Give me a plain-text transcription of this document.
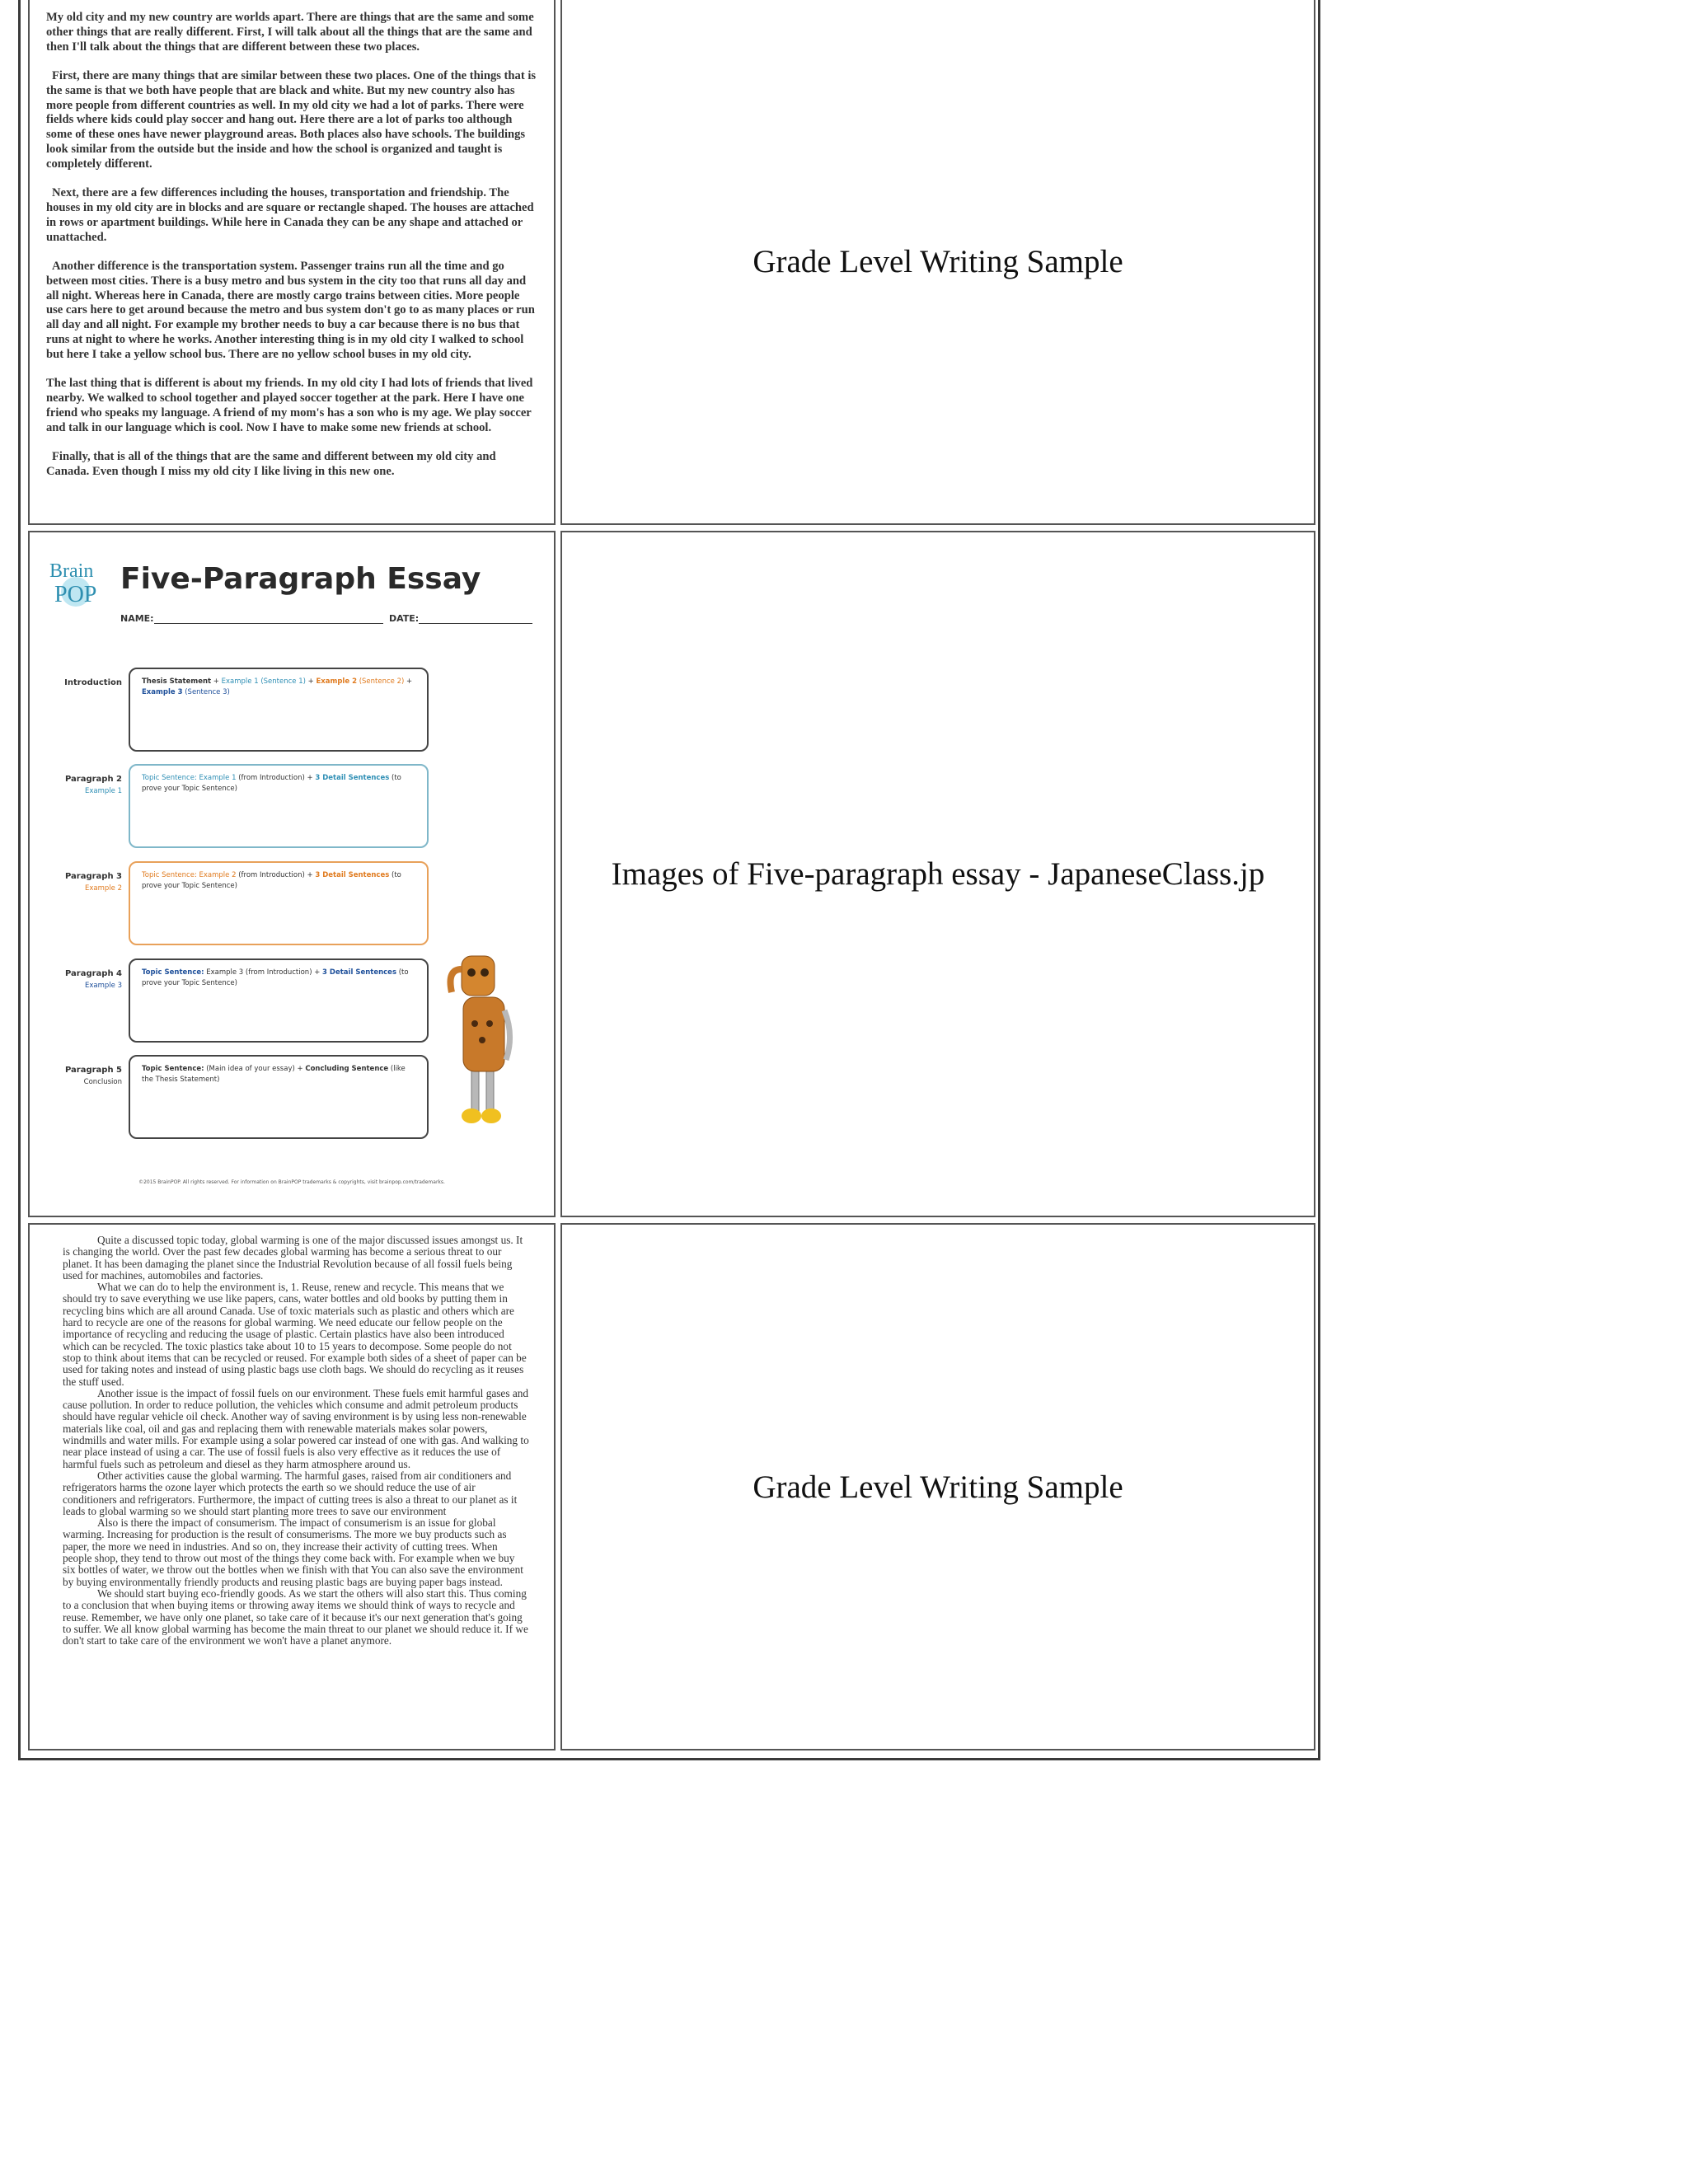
My old city and my new country are worlds apart. There are things that are the same and some other things that are really different. First, I will talk about all the things that are the same and then I'll talk about the things that are different between these two places.

First, there are many things that are similar between these two places. One of the things that is the same is that we both have people that are black and white. But my new country also has more people from different countries as well. In my old city we had a lot of parks. There were fields where kids could play soccer and hang out. Here there are a lot of parks too although some of these ones have newer playground areas. Both places also have schools. The buildings look similar from the outside but the inside and how the school is organized and taught is completely different.

Next, there are a few differences including the houses, transportation and friendship. The houses in my old city are in blocks and are square or rectangle shaped. The houses are attached in rows or apartment buildings. While here in Canada they can be any shape and attached or unattached.

Another difference is the transportation system. Passenger trains run all the time and go between most cities. There is a busy metro and bus system in the city too that runs all day and all night. Whereas here in Canada, there are mostly cargo trains between cities. More people use cars here to get around because the metro and bus system don't go to as many places or run all day and all night. For example my brother needs to buy a car because there is no bus that runs at night to where he works. Another interesting thing is in my old city I walked to school but here I take a yellow school bus. There are no yellow school buses in my old city.

The last thing that is different is about my friends. In my old city I had lots of friends that lived nearby. We walked to school together and played soccer together at the park. Here I have one friend who speaks my language. A friend of my mom's has a son who is my age. We play soccer and talk in our language which is cool. Now I have to make some new friends at school.

Finally, that is all of the things that are the same and different between my old city and Canada. Even though I miss my old city I like living in this new one.

Grade Level Writing Sample
Brain
POP Five-Paragraph Essay
NAME:	DATE:
Introduction	Thesis Statement + Example 1 (Sentence 1) + Example 2 (Sentence 2) + Example 3 (Sentence 3)
Paragraph 2
Example 1
Topic Sentence: Example 1 (from Introduction) + 3 Detail Sentences (to prove your Topic Sentence)
Paragraph 3
Example 2
Topic Sentence: Example 2 (from Introduction) + 3 Detail Sentences (to prove your Topic Sentence)
Paragraph 4
Example 3
Topic Sentence: Example 3 (from Introduction) + 3 Detail Sentences (to prove your Topic Sentence)
Paragraph 5
Conclusion
Topic Sentence: (Main idea of your essay) + Concluding Sentence (like the Thesis Statement)
©2015 BrainPOP. All rights reserved. For information on BrainPOP trademarks & copyrights, visit brainpop.com/trademarks.
Images of Five-paragraph essay - JapaneseClass.jp

Quite a discussed topic today, global warming is one of the major discussed issues amongst us. It is changing the world. Over the past few decades global warming has become a serious threat to our planet. It has been damaging the planet since the Industrial Revolution because of all fossil fuels being used for machines, automobiles and factories.

What we can do to help the environment is, 1. Reuse, renew and recycle. This means that we should try to save everything we use like papers, cans, water bottles and old books by putting them in recycling bins which are all around Canada. Use of toxic materials such as plastic and others which are hard to recycle are one of the reasons for global warming. We need educate our fellow people on the importance of recycling and reducing the usage of plastic. Certain plastics have also been introduced which can be recycled. The toxic plastics take about 10 to 15 years to decompose. Some people do not stop to think about items that can be recycled or reused. For example both sides of a sheet of paper can be used for taking notes and instead of using plastic bags use cloth bags. We should do recycling as it reuses the stuff used.

Another issue is the impact of fossil fuels on our environment. These fuels emit harmful gases and cause pollution. In order to reduce pollution, the vehicles which consume and admit petroleum products should have regular vehicle oil check. Another way of saving environment is by using less non-renewable materials like coal, oil and gas and replacing them with renewable materials makes solar powers, windmills and water mills. For example using a solar powered car instead of one with gas. And walking to near place instead of using a car. The use of fossil fuels is also very effective as it reduces the use of harmful fuels such as petroleum and diesel as they harm atmosphere around us.

Other activities cause the global warming. The harmful gases, raised from air conditioners and refrigerators harms the ozone layer which protects the earth so we should reduce the use of air conditioners and refrigerators. Furthermore, the impact of cutting trees is also a threat to our planet as it leads to global warming so we should start planting more trees to save our environment

Also is there the impact of consumerism. The impact of consumerism is an issue for global warming. Increasing for production is the result of consumerisms. The more we buy products such as paper, the more we need in industries. And so on, they increase their activity of cutting trees. When people shop, they tend to throw out most of the things they come back with. For example when we buy six bottles of water, we throw out the bottles when we finish with that You can also save the environment by buying environmentally friendly products and reusing plastic bags are buying paper bags instead.

We should start buying eco-friendly goods. As we start the others will also start this. Thus coming to a conclusion that when buying items or throwing away items we should think of ways to recycle and reuse. Remember, we have only one planet, so take care of it because it's our next generation that's going to suffer. We all know global warming has become the main threat to our planet we should reduce it. If we don't start to take care of the environment we won't have a planet anymore.

Grade Level Writing Sample
